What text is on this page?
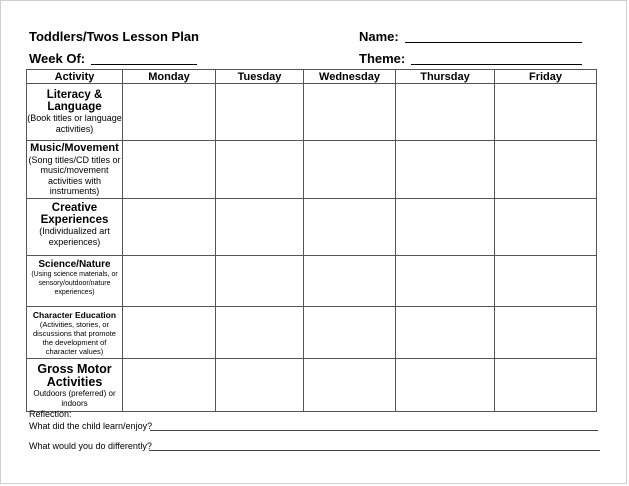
Toddlers/Twos Lesson Plan	Name:
Week Of:	Theme:
Activity	Monday	Tuesday	Wednesday	Thursday	Friday

Literacy & Language
(Book titles or language activities)					

Music/Movement
(Song titles/CD titles or music/movement activities with instruments)					

Creative Experiences
(Individualized art experiences)					

Science/Nature
(Using science materials, or sensory/outdoor/nature experiences)					

Character Education
(Activities, stories, or discussions that promote the development of character values)					

Gross Motor Activities
Outdoors (preferred) or indoors					

Reflection:
What did the child learn/enjoy?
What would you do differently?
